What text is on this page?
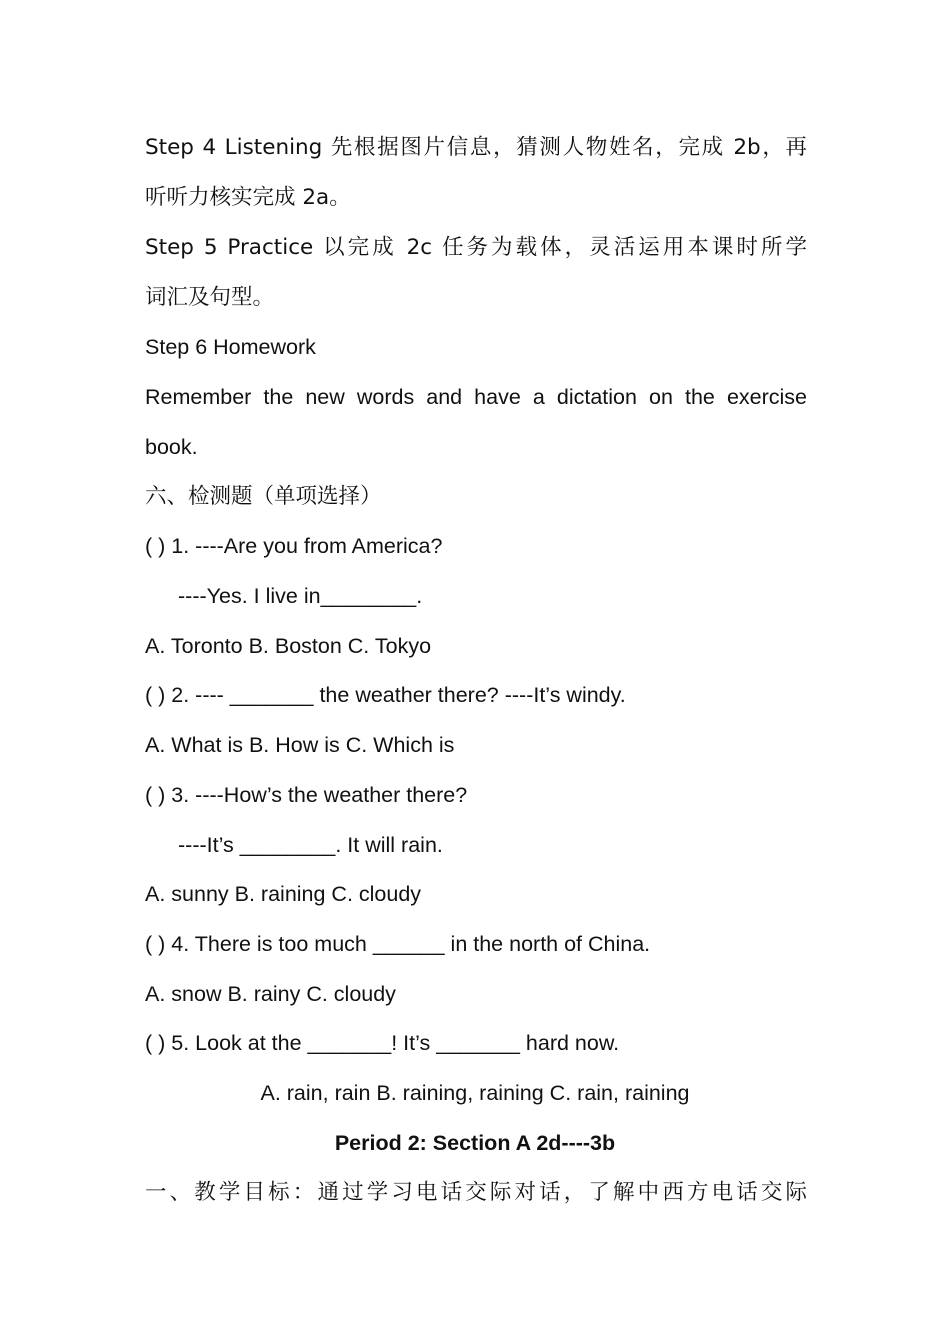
Step 4 Listening 先根据图片信息，猜测人物姓名，完成 2b，再
听听力核实完成 2a。
Step 5 Practice 以完成 2c 任务为载体，灵活运用本课时所学
词汇及句型。
Step 6 Homework
Remember the new words and have a dictation on the exercise
book.
六、检测题（单项选择）
( ) 1. ----Are you from America?
----Yes. I live in________.
A. Toronto B. Boston C. Tokyo
( ) 2. ---- _______ the weather there? ----It’s windy.
A. What is B. How is C. Which is
( ) 3. ----How’s the weather there?
----It’s ________. It will rain.
A. sunny B. raining C. cloudy
( ) 4. There is too much ______ in the north of China.
A. snow B. rainy C. cloudy
( ) 5. Look at the _______! It’s _______ hard now.
A. rain, rain B. raining, raining C. rain, raining
Period 2: Section A 2d----3b
一、教学目标：通过学习电话交际对话，了解中西方电话交际
